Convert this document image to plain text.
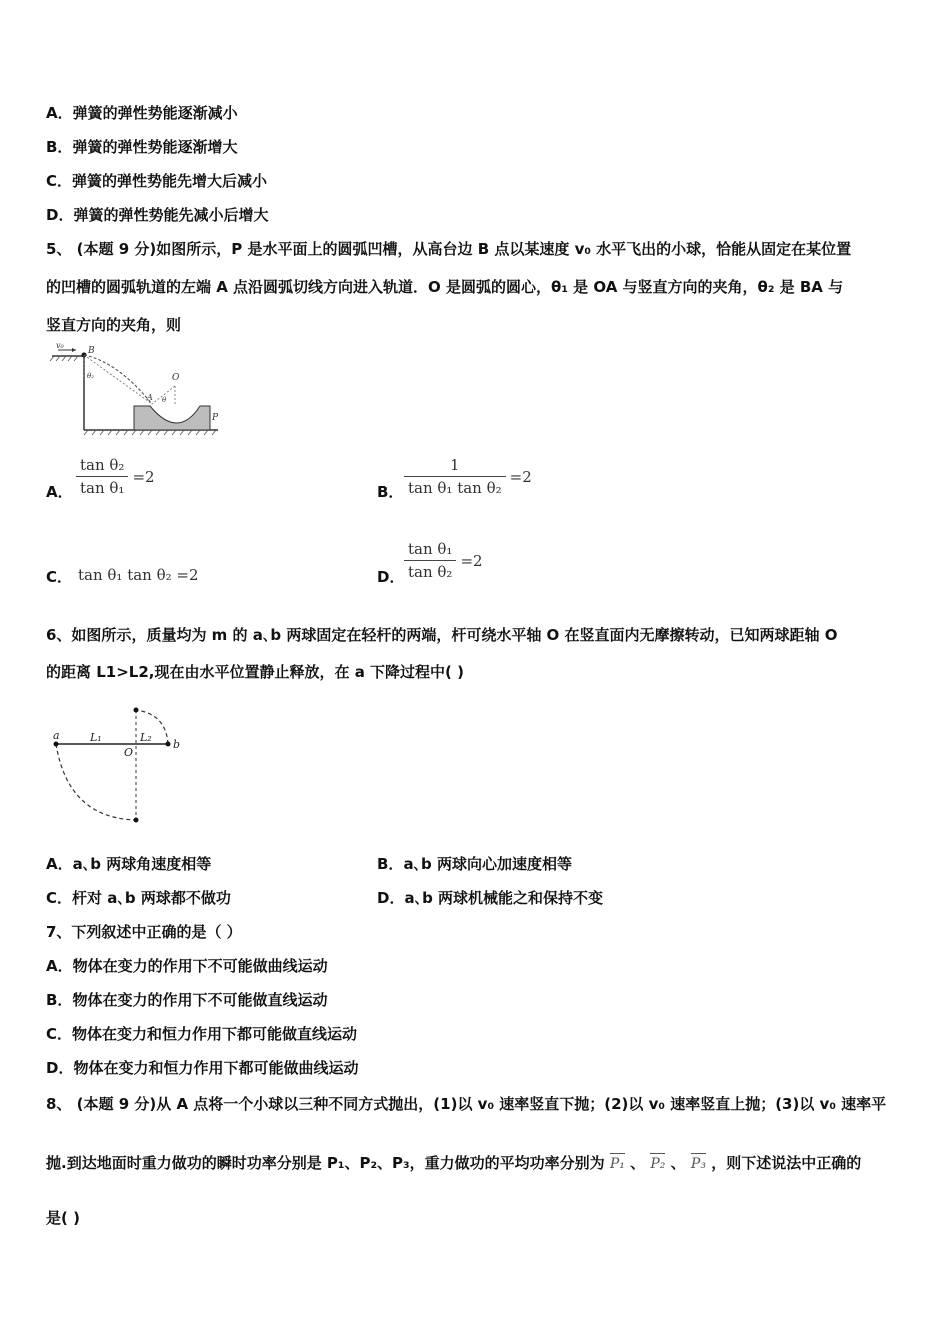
A．弹簧的弹性势能逐渐减小
B．弹簧的弹性势能逐渐增大
C．弹簧的弹性势能先增大后减小
D．弹簧的弹性势能先减小后增大
5、 (本题 9 分)如图所示，P 是水平面上的圆弧凹槽，从高台边 B 点以某速度 v₀ 水平飞出的小球，恰能从固定在某位置
的凹槽的圆弧轨道的左端 A 点沿圆弧切线方向进入轨道．O 是圆弧的圆心，θ₁ 是 OA 与竖直方向的夹角，θ₂ 是 BA 与
竖直方向的夹角，则
v₀
B
θ₂	O
A θ
P
A． $\frac{\text{tan θ₂}}{\text{tan θ₁}} =2$
B． $\frac{1}{\text{tan θ₁ tan θ₂}} =2$
C． tan θ₁ tan θ₂ =2	D． $\frac{\text{tan θ₁}}{\text{tan θ₂}} =2$
6、如图所示，质量均为 m 的 a､b 两球固定在轻杆的两端，杆可绕水平轴 O 在竖直面内无摩擦转动，已知两球距轴 O
的距离 L1>L2,现在由水平位置静止释放，在 a 下降过程中( )
a	L₁
O
L₂
b
A．a､b 两球角速度相等	B．a､b 两球向心加速度相等
C．杆对 a､b 两球都不做功	D．a､b 两球机械能之和保持不变
7、下列叙述中正确的是（ ）
A．物体在变力的作用下不可能做曲线运动
B．物体在变力的作用下不可能做直线运动
C．物体在变力和恒力作用下都可能做直线运动
D．物体在变力和恒力作用下都可能做曲线运动
8、 (本题 9 分)从 A 点将一个小球以三种不同方式抛出，(1)以 v₀ 速率竖直下抛；(2)以 v₀ 速率竖直上抛；(3)以 v₀ 速率平
抛.到达地面时重力做功的瞬时功率分别是 P₁、P₂、P₃，重力做功的平均功率分别为 P₁ 、 P₂ 、 P₃ ，则下述说法中正确的
是( )
